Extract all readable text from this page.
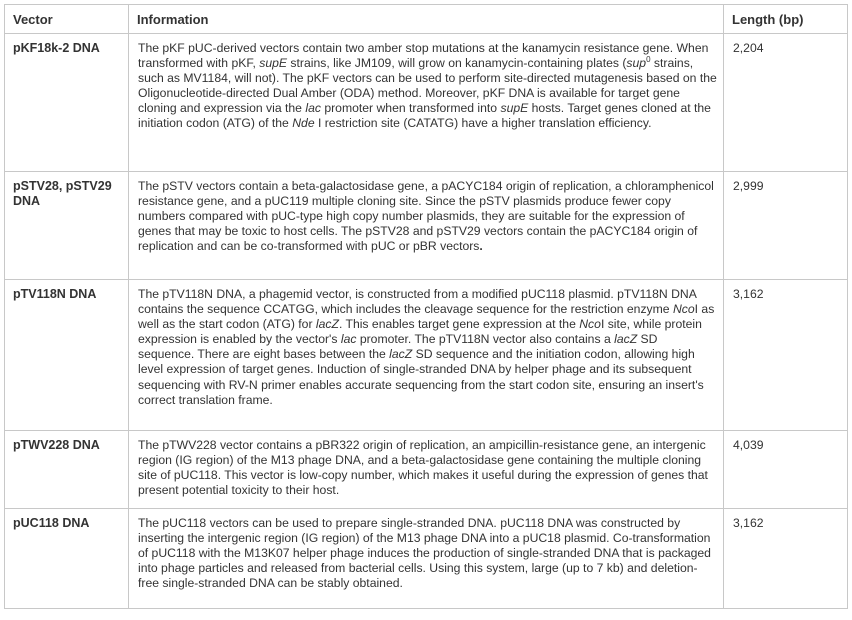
Vector	Information	Length (bp)
pKF18k-2 DNA	The pKF pUC-derived vectors contain two amber stop mutations at the kanamycin resistance gene. When transformed with pKF, supE strains, like JM109, will grow on kanamycin-containing plates (sup$^0$ strains, such as MV1184, will not). The pKF vectors can be used to perform site-directed mutagenesis based on the Oligonucleotide-directed Dual Amber (ODA) method. Moreover, pKF DNA is available for target gene cloning and expression via the lac promoter when transformed into supE hosts. Target genes cloned at the initiation codon (ATG) of the Nde I restriction site (CATATG) have a higher translation efficiency.	2,204
pSTV28, pSTV29 DNA	The pSTV vectors contain a beta-galactosidase gene, a pACYC184 origin of replication, a chloramphenicol resistance gene, and a pUC119 multiple cloning site. Since the pSTV plasmids produce fewer copy numbers compared with pUC-type high copy number plasmids, they are suitable for the expression of genes that may be toxic to host cells. The pSTV28 and pSTV29 vectors contain the pACYC184 origin of replication and can be co-transformed with pUC or pBR vectors.	2,999
pTV118N DNA	The pTV118N DNA, a phagemid vector, is constructed from a modified pUC118 plasmid. pTV118N DNA contains the sequence CCATGG, which includes the cleavage sequence for the restriction enzyme NcoI as well as the start codon (ATG) for lacZ. This enables target gene expression at the NcoI site, while protein expression is enabled by the vector's lac promoter. The pTV118N vector also contains a lacZ SD sequence. There are eight bases between the lacZ SD sequence and the initiation codon, allowing high level expression of target genes. Induction of single-stranded DNA by helper phage and its subsequent sequencing with RV-N primer enables accurate sequencing from the start codon site, ensuring an insert's correct translation frame.	3,162
pTWV228 DNA	The pTWV228 vector contains a pBR322 origin of replication, an ampicillin-resistance gene, an intergenic region (IG region) of the M13 phage DNA, and a beta-galactosidase gene containing the multiple cloning site of pUC118. This vector is low-copy number, which makes it useful during the expression of genes that present potential toxicity to their host.	4,039
pUC118 DNA	The pUC118 vectors can be used to prepare single-stranded DNA. pUC118 DNA was constructed by inserting the intergenic region (IG region) of the M13 phage DNA into a pUC18 plasmid. Co-transformation of pUC118 with the M13K07 helper phage induces the production of single-stranded DNA that is packaged into phage particles and released from bacterial cells. Using this system, large (up to 7 kb) and deletion-free single-stranded DNA can be stably obtained.	3,162
